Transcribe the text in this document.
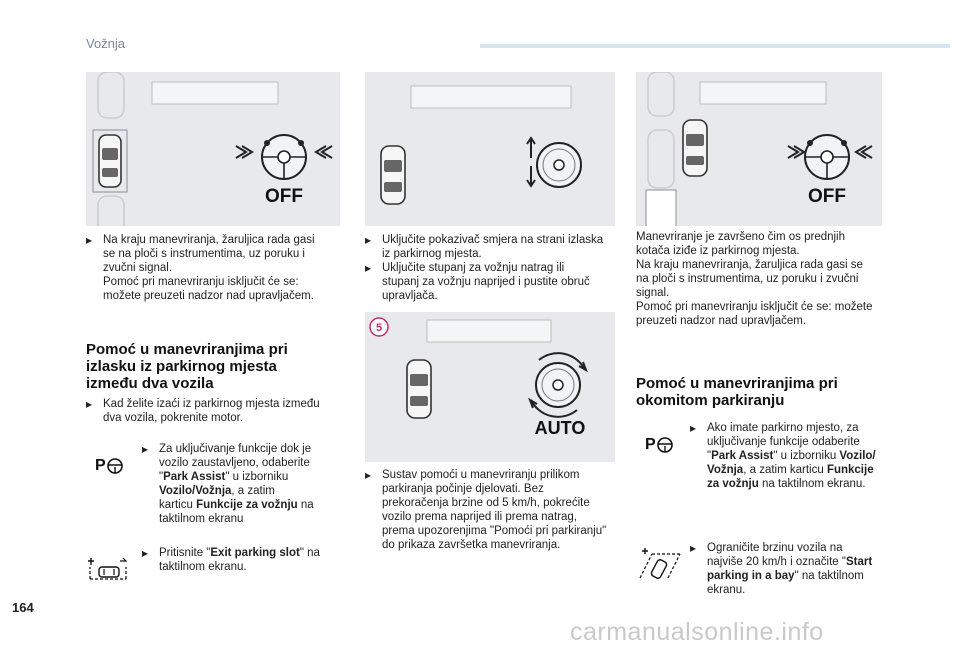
Vožnja
OFF	OFF
AUTO
5

▸ Na kraju manevriranja, žaruljica rada gasi
se na ploči s instrumentima, uz poruku i
zvučni signal.
Pomoć pri manevriranju isključit će se:
možete preuzeti nadzor nad upravljačem.

Pomoć u manevriranjima pri
izlasku iz parkirnog mjesta
između dva vozila

▸ Kad želite izaći iz parkirnog mjesta između
dva vozila, pokrenite motor.

P

▸ Za uključivanje funkcije dok je
vozilo zaustavljeno, odaberite
"Park Assist" u izborniku
Vozilo/Vožnja, a zatim
karticu Funkcije za vožnju na
taktilnom ekranu

▸ Pritisnite "Exit parking slot" na
taktilnom ekranu.

▸ Uključite pokazivač smjera na strani izlaska
iz parkirnog mjesta.

▸ Uključite stupanj za vožnju natrag ili
stupanj za vožnju naprijed i pustite obruč
upravljača.

▸ Sustav pomoći u manevriranju prilikom
parkiranja počinje djelovati. Bez
prekoračenja brzine od 5 km/h, pokrećite
vozilo prema naprijed ili prema natrag,
prema upozorenjima "Pomoći pri parkiranju"
do prikaza završetka manevriranja.

Manevriranje je završeno čim os prednjih
kotača iziđe iz parkirnog mjesta.
Na kraju manevriranja, žaruljica rada gasi se
na ploči s instrumentima, uz poruku i zvučni
signal.
Pomoć pri manevriranju isključit će se: možete
preuzeti nadzor nad upravljačem.
Pomoć u manevriranjima pri
okomitom parkiranju
P

▸ Ako imate parkirno mjesto, za
uključivanje funkcije odaberite
"Park Assist" u izborniku Vozilo/
Vožnja, a zatim karticu Funkcije
za vožnju na taktilnom ekranu.

▸ Ograničite brzinu vozila na
najviše 20 km/h i označite "Start
parking in a bay" na taktilnom
ekranu.

164
carmanualsonline.info
